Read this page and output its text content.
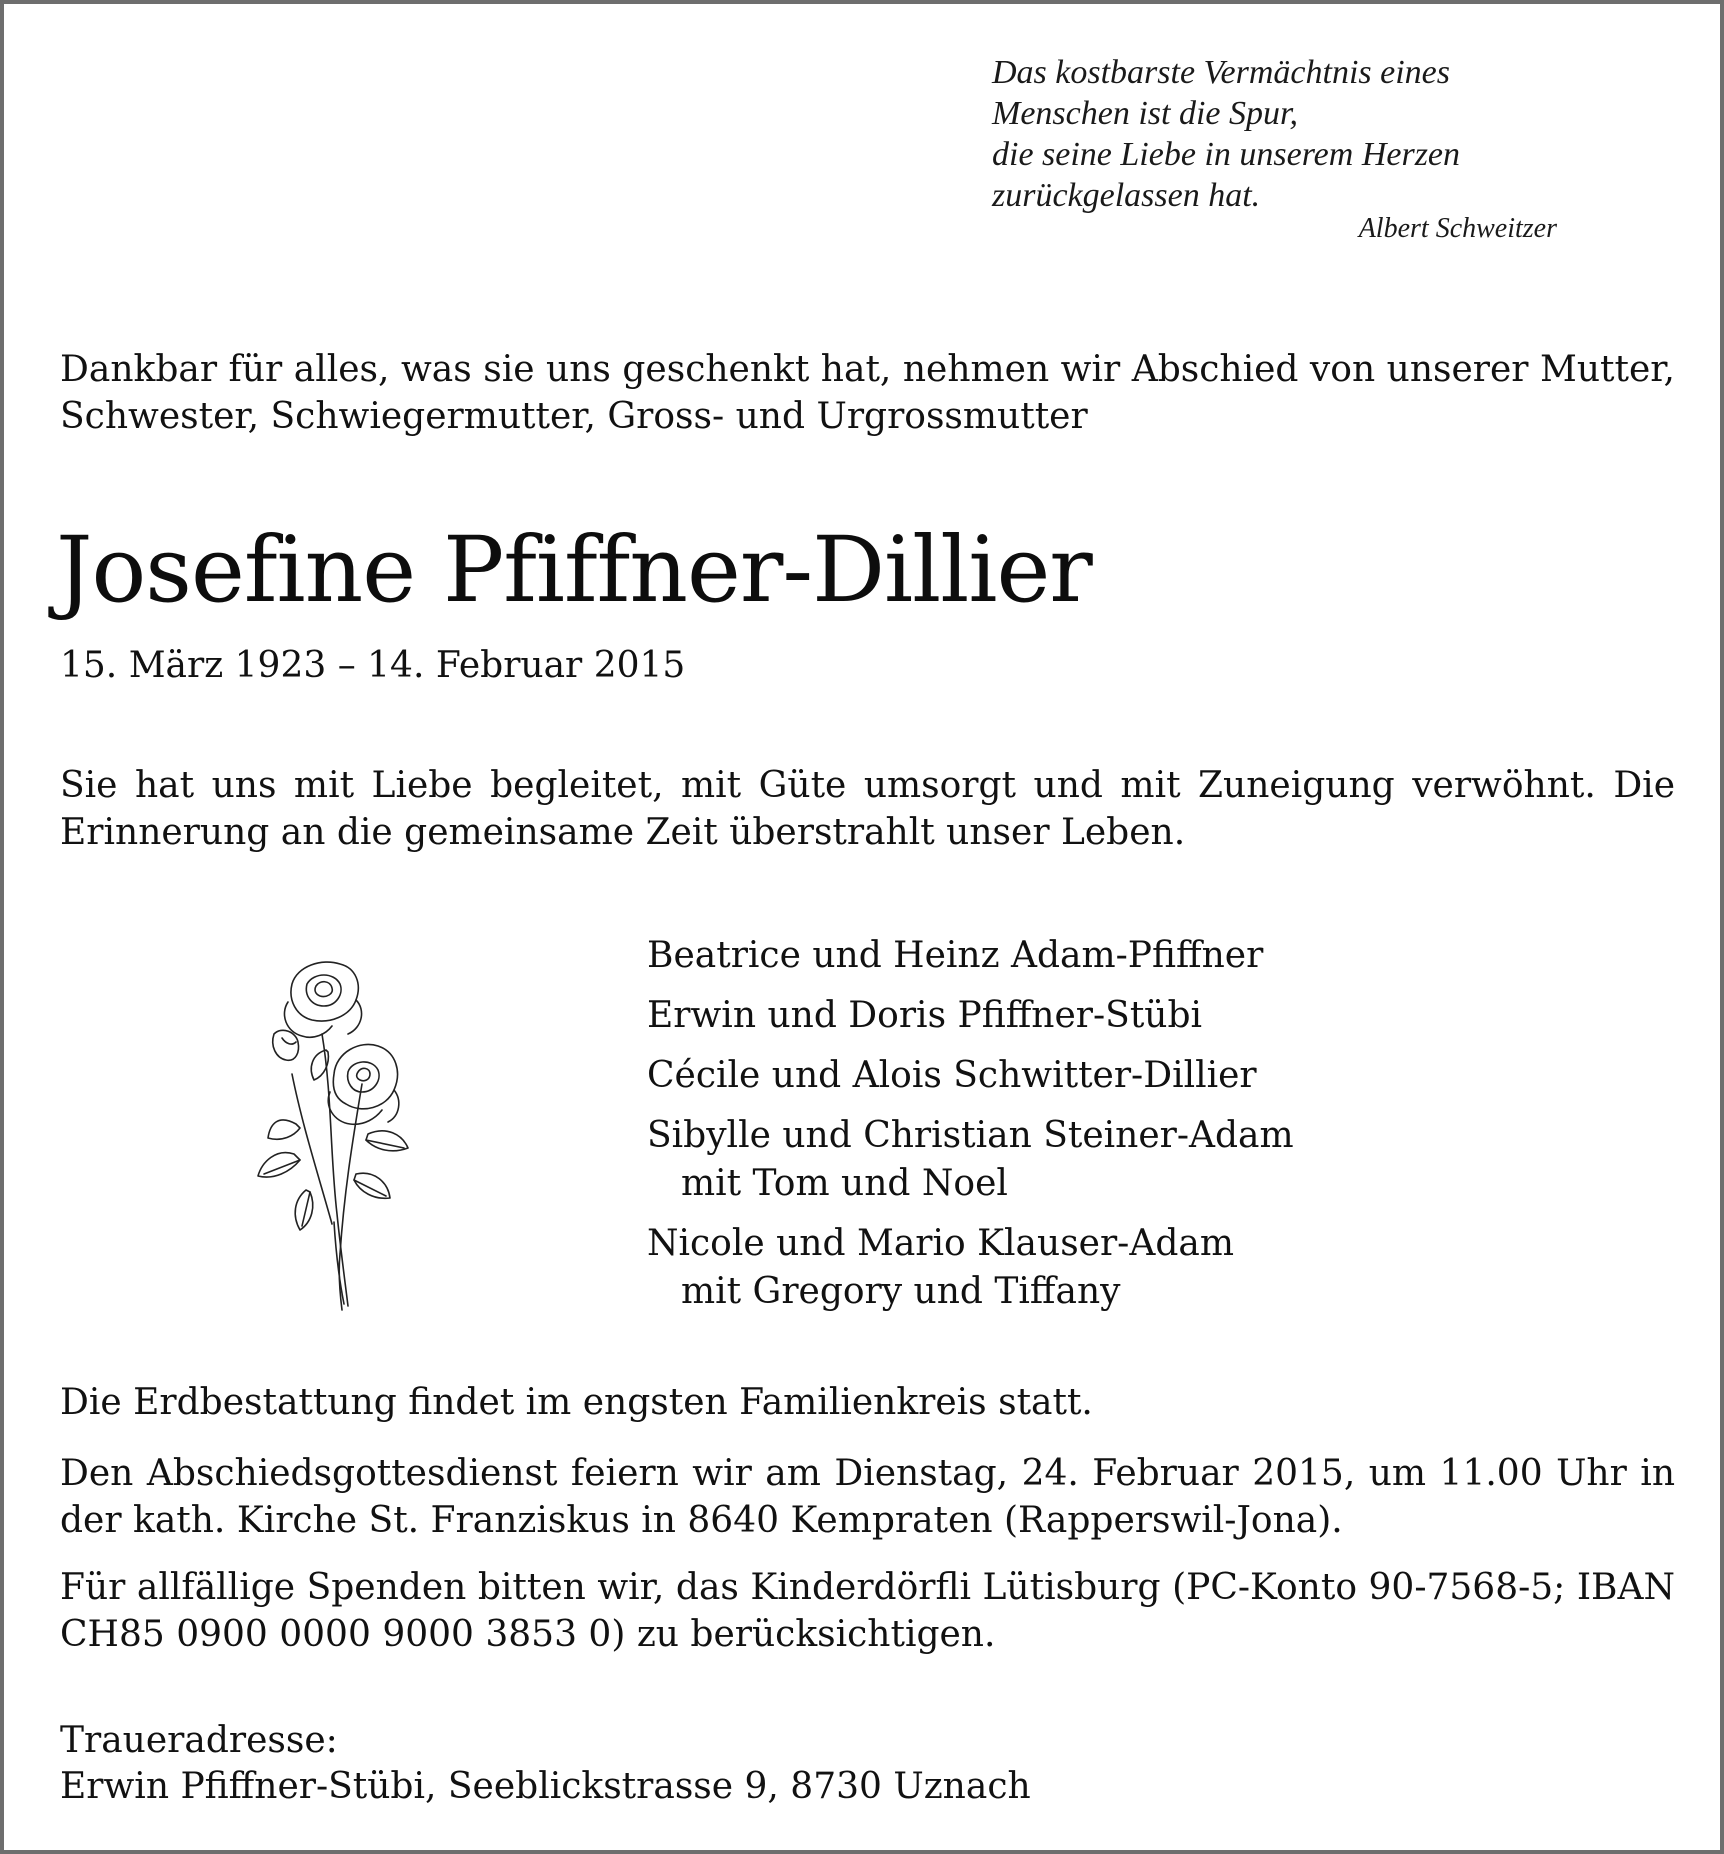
Das kostbarste Vermächtnis eines
Menschen ist die Spur,
die seine Liebe in unserem Herzen
zurückgelassen hat.
Albert Schweitzer
Dankbar für alles, was sie uns geschenkt hat, nehmen wir Abschied von unserer Mutter, Schwester, Schwiegermutter, Gross- und Urgrossmutter
Josefine Pfiffner-Dillier
15. März 1923 – 14. Februar 2015
Sie hat uns mit Liebe begleitet, mit Güte umsorgt und mit Zuneigung verwöhnt. Die Erinnerung an die gemeinsame Zeit überstrahlt unser Leben.
Beatrice und Heinz Adam-Pfiffner
Erwin und Doris Pfiffner-Stübi
Cécile und Alois Schwitter-Dillier
Sibylle und Christian Steiner-Adam
mit Tom und Noel
Nicole und Mario Klauser-Adam
mit Gregory und Tiffany
Die Erdbestattung findet im engsten Familienkreis statt.
Den Abschiedsgottesdienst feiern wir am Dienstag, 24. Februar 2015, um 11.00 Uhr in der kath. Kirche St. Franziskus in 8640 Kempraten (Rapperswil-Jona).
Für allfällige Spenden bitten wir, das Kinderdörfli Lütisburg (PC-Konto 90-7568-5; IBAN CH85 0900 0000 9000 3853 0) zu berücksichtigen.
Traueradresse:
Erwin Pfiffner-Stübi, Seeblickstrasse 9, 8730 Uznach
